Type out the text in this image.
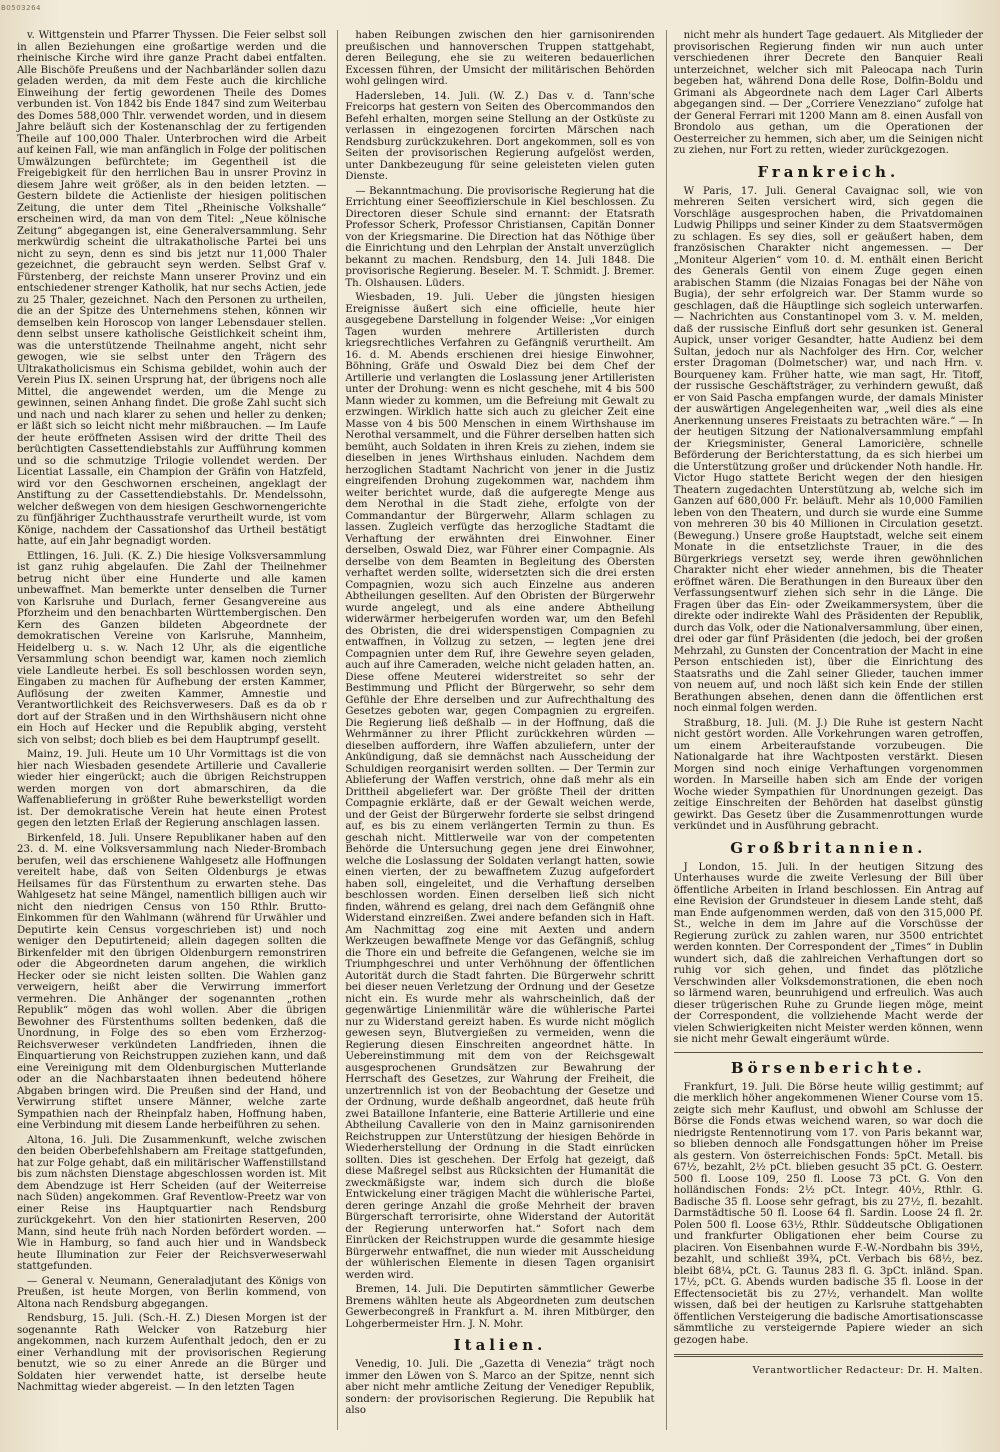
B0503264

v. Wittgenstein und Pfarrer Thyssen. Die Feier selbst soll in allen Beziehungen eine großartige werden und die rheinische Kirche wird ihre ganze Pracht dabei entfalten. Alle Bischöfe Preußens und der Nachbarländer sollen dazu geladen werden, da mit dem Feste auch die kirchliche Einweihung der fertig gewordenen Theile des Domes verbunden ist. Von 1842 bis Ende 1847 sind zum Weiterbau des Domes 588,000 Thlr. verwendet worden, und in diesem Jahre beläuft sich der Kostenanschlag der zu fertigenden Theile auf 100,000 Thaler. Unterbrochen wird die Arbeit auf keinen Fall, wie man anfänglich in Folge der politischen Umwälzungen befürchtete; im Gegentheil ist die Freigebigkeit für den herrlichen Bau in unsrer Provinz in diesem Jahre weit größer, als in den beiden letzten. — Gestern bildete die Actienliste der hiesigen politischen Zeitung, die unter dem Titel „Rheinische Volkshalle“ erscheinen wird, da man von dem Titel: „Neue kölnische Zeitung“ abgegangen ist, eine Generalversammlung. Sehr merkwürdig scheint die ultrakatholische Partei bei uns nicht zu seyn, denn es sind bis jetzt nur 11,000 Thaler gezeichnet, die gebraucht seyn werden. Selbst Graf v. Fürstenberg, der reichste Mann unserer Provinz und ein entschiedener strenger Katholik, hat nur sechs Actien, jede zu 25 Thaler, gezeichnet. Nach den Personen zu urtheilen, die an der Spitze des Unternehmens stehen, können wir demselben kein Horoscop von langer Lebensdauer stellen. denn selbst unsere katholische Geistlichkeit scheint ihm, was die unterstützende Theilnahme angeht, nicht sehr gewogen, wie sie selbst unter den Trägern des Ultrakatholicismus ein Schisma gebildet, wohin auch der Verein Pius IX. seinen Ursprung hat, der übrigens noch alle Mittel, die angewendet werden, um die Menge zu gewinnen, seinen Anhang findet. Die große Zahl sucht sich und nach und nach klarer zu sehen und heller zu denken; er läßt sich so leicht nicht mehr mißbrauchen. — Im Laufe der heute eröffneten Assisen wird der dritte Theil des berüchtigten Cassettendiebstahls zur Aufführung kommen und so die schmutzige Trilogie vollendet werden. Der Licentiat Lassalle, ein Champion der Gräfin von Hatzfeld, wird vor den Geschwornen erscheinen, angeklagt der Anstiftung zu der Cassettendiebstahls. Dr. Mendelssohn, welcher deßwegen von dem hiesigen Geschwornengerichte zu fünfjähriger Zuchthausstrafe verurtheilt wurde, ist vom Könige, nachdem der Cassationshof das Urtheil bestätigt hatte, auf ein Jahr begnadigt worden.

Ettlingen, 16. Juli. (K. Z.) Die hiesige Volksversammlung ist ganz ruhig abgelaufen. Die Zahl der Theilnehmer betrug nicht über eine Hunderte und alle kamen unbewaffnet. Man bemerkte unter denselben die Turner von Karlsruhe und Durlach, ferner Gesangvereine aus Pforzheim und den benachbarten Württembergischen. Den Kern des Ganzen bildeten Abgeordnete der demokratischen Vereine von Karlsruhe, Mannheim, Heidelberg u. s. w. Nach 12 Uhr, als die eigentliche Versammlung schon beendigt war, kamen noch ziemlich viele Landleute herbei. Es soll beschlossen worden seyn, Eingaben zu machen für Aufhebung der ersten Kammer, Auflösung der zweiten Kammer, Amnestie und Verantwortlichkeit des Reichsverwesers. Daß es da ob r dort auf der Straßen und in den Wirthshäusern nicht ohne ein Hoch auf Hecker und die Republik abging, versteht sich von selbst; doch blieb es bei dem Hauptrumpf gesellt.

Mainz, 19. Juli. Heute um 10 Uhr Vormittags ist die von hier nach Wiesbaden gesendete Artillerie und Cavallerie wieder hier eingerückt; auch die übrigen Reichstruppen werden morgen von dort abmarschiren, da die Waffenablieferung in größter Ruhe bewerkstelligt worden ist. Der demokratische Verein hat heute einen Protest gegen den letzten Erlaß der Regierung anschlagen lassen.

Birkenfeld, 18. Juli. Unsere Republikaner haben auf den 23. d. M. eine Volksversammlung nach Nieder-Brombach berufen, weil das erschienene Wahlgesetz alle Hoffnungen vereitelt habe, daß von Seiten Oldenburgs je etwas Heilsames für das Fürstenthum zu erwarten stehe. Das Wahlgesetz hat seine Mängel, namentlich billigen auch wir nicht den niedrigen Census von 150 Rthlr. Brutto-Einkommen für den Wahlmann (während für Urwähler und Deputirte kein Census vorgeschrieben ist) und noch weniger den Deputirteneid; allein dagegen sollten die Birkenfelder mit den übrigen Oldenburgern remonstriren oder die Abgeordneten darum angehen, die wirklich Hecker oder sie nicht leisten sollten. Die Wahlen ganz verweigern, heißt aber die Verwirrung immerfort vermehren. Die Anhänger der sogenannten „rothen Republik“ mögen das wohl wollen. Aber die übrigen Bewohner des Fürstenthums sollten bedenken, daß die Unordnung, in Folge des so eben vom Erzherzog-Reichsverweser verkündeten Landfrieden, ihnen die Einquartierung von Reichstruppen zuziehen kann, und daß eine Vereinigung mit dem Oldenburgischen Mutterlande oder an die Nachbarstaaten ihnen bedeutend höhere Abgaben bringen wird. Die Preußen sind der Hand, und Verwirrung stiftet unsere Männer, welche zarte Sympathien nach der Rheinpfalz haben, Hoffnung haben, eine Verbindung mit diesem Lande herbeiführen zu sehen.

Altona, 16. Juli. Die Zusammenkunft, welche zwischen den beiden Oberbefehlshabern am Freitage stattgefunden, hat zur Folge gehabt, daß ein militärischer Waffenstillstand bis zum nächsten Dienstage abgeschlossen worden ist. Mit dem Abendzuge ist Herr Scheiden (auf der Weiterreise nach Süden) angekommen. Graf Reventlow-Preetz war von einer Reise ins Hauptquartier nach Rendsburg zurückgekehrt. Von den hier stationirten Reserven, 200 Mann, sind heute früh nach Norden befördert worden. — Wie in Hamburg, so fand auch hier und in Wandsbeck heute Illumination zur Feier der Reichsverweserwahl stattgefunden.

— General v. Neumann, Generaladjutant des Königs von Preußen, ist heute Morgen, von Berlin kommend, von Altona nach Rendsburg abgegangen.

Rendsburg, 15. Juli. (Sch.-H. Z.) Diesen Morgen ist der sogenannte Rath Welcker von Ratzeburg hier angekommen, nach kurzem Aufenthalt jedoch, den er zu einer Verhandlung mit der provisorischen Regierung benutzt, wie so zu einer Anrede an die Bürger und Soldaten hier verwendet hatte, ist derselbe heute Nachmittag wieder abgereist. — In den letzten Tagen

haben Reibungen zwischen den hier garnisonirenden preußischen und hannoverschen Truppen stattgehabt, deren Beilegung, ehe sie zu weiteren bedauerlichen Excessen führen, der Umsicht der militärischen Behörden wohl gelingen wird.

Hadersleben, 14. Juli. (W. Z.) Das v. d. Tann'sche Freicorps hat gestern von Seiten des Obercommandos den Befehl erhalten, morgen seine Stellung an der Ostküste zu verlassen in eingezogenen forcirten Märschen nach Rendsburg zurückzukehren. Dort angekommen, soll es von Seiten der provisorischen Regierung aufgelöst werden, unter Dankbezeugung für seine geleisteten vielen guten Dienste.

— Bekanntmachung. Die provisorische Regierung hat die Errichtung einer Seeoffizierschule in Kiel beschlossen. Zu Directoren dieser Schule sind ernannt: der Etatsrath Professor Scherk, Professor Christiansen, Capitän Donner von der Kriegsmarine. Die Direction hat das Nöthige über die Einrichtung und den Lehrplan der Anstalt unverzüglich bekannt zu machen. Rendsburg, den 14. Juli 1848. Die provisorische Regierung. Beseler. M. T. Schmidt. J. Bremer. Th. Olshausen. Lüders.

Wiesbaden, 19. Juli. Ueber die jüngsten hiesigen Ereignisse äußert sich eine officielle, heute hier ausgegebene Darstellung in folgender Weise: „Vor einigen Tagen wurden mehrere Artilleristen durch kriegsrechtliches Verfahren zu Gefängniß verurtheilt. Am 16. d. M. Abends erschienen drei hiesige Einwohner, Böhning, Gräfe und Oswald Diez bei dem Chef der Artillerie und verlangten die Loslassung jener Artilleristen unter der Drohung: wenn es nicht geschehe, mit 4 bis 500 Mann wieder zu kommen, um die Befreiung mit Gewalt zu erzwingen. Wirklich hatte sich auch zu gleicher Zeit eine Masse von 4 bis 500 Menschen in einem Wirthshause im Nerothal versammelt, und die Führer derselben hatten sich bemüht, auch Soldaten in ihren Kreis zu ziehen, indem sie dieselben in jenes Wirthshaus einluden. Nachdem dem herzoglichen Stadtamt Nachricht von jener in die Justiz eingreifenden Drohung zugekommen war, nachdem ihm weiter berichtet wurde, daß die aufgeregte Menge aus dem Nerothal in die Stadt ziehe, erfolgte von der Commandantur der Bürgerwehr, Allarm schlagen zu lassen. Zugleich verfügte das herzogliche Stadtamt die Verhaftung der erwähnten drei Einwohner. Einer derselben, Oswald Diez, war Führer einer Compagnie. Als derselbe von dem Beamten in Begleitung des Obersten verhaftet werden sollte, widersetzten sich die drei ersten Compagnien, wozu sich auch Einzelne aus anderen Abtheilungen gesellten. Auf den Obristen der Bürgerwehr wurde angelegt, und als eine andere Abtheilung widerwärmer herbeigerufen worden war, um den Befehl des Obristen, die drei widerspenstigen Compagnien zu entwaffnen, in Vollzug zu setzen, — legten jene drei Compagnien unter dem Ruf, ihre Gewehre seyen geladen, auch auf ihre Cameraden, welche nicht geladen hatten, an. Diese offene Meuterei widerstreitet so sehr der Bestimmung und Pflicht der Bürgerwehr, so sehr dem Gefühle der Ehre derselben und zur Aufrechthaltung des Gesetzes geboten war, gegen Compagnien zu ergreifen. Die Regierung ließ deßhalb — in der Hoffnung, daß die Wehrmänner zu ihrer Pflicht zurückkehren würden — dieselben auffordern, ihre Waffen abzuliefern, unter der Ankündigung, daß sie demnächst nach Ausscheidung der Schuldigen reorganisirt werden sollten. — Der Termin zur Ablieferung der Waffen verstrich, ohne daß mehr als ein Drittheil abgeliefert war. Der größte Theil der dritten Compagnie erklärte, daß er der Gewalt weichen werde, und der Geist der Bürgerwehr forderte sie selbst dringend auf, es bis zu einem verlängerten Termin zu thun. Es geschah nicht. Mittlerweile war von der competenten Behörde die Untersuchung gegen jene drei Einwohner, welche die Loslassung der Soldaten verlangt hatten, sowie einen vierten, der zu bewaffnetem Zuzug aufgefordert haben soll, eingeleitet, und die Verhaftung derselben beschlossen worden. Einen derselben ließ sich nicht finden, während es gelang, drei nach dem Gefängniß ohne Widerstand einzreißen. Zwei andere befanden sich in Haft. Am Nachmittag zog eine mit Aexten und andern Werkzeugen bewaffnete Menge vor das Gefängniß, schlug die Thore ein und befreite die Gefangenen, welche sie im Triumphgeschrei und unter Verhöhnung der öffentlichen Autorität durch die Stadt fahrten. Die Bürgerwehr schritt bei dieser neuen Verletzung der Ordnung und der Gesetze nicht ein. Es wurde mehr als wahrscheinlich, daß der gegenwärtige Linienmilitär wäre die wühlerische Partei nur zu Widerstand gereizt haben. Es wurde nicht möglich gewesen seyn, Blutvergießen zu vermeiden, wenn die Regierung diesen Einschreiten angeordnet hätte. In Uebereinstimmung mit dem von der Reichsgewalt ausgesprochenen Grundsätzen zur Bewahrung der Herrschaft des Gesetzes, zur Wahrung der Freiheit, die unzertrennlich ist von der Beobachtung der Gesetze und der Ordnung, wurde deßhalb angeordnet, daß heute früh zwei Bataillone Infanterie, eine Batterie Artillerie und eine Abtheilung Cavallerie von den in Mainz garnisonirenden Reichstruppen zur Unterstützung der hiesigen Behörde in Wiederherstellung der Ordnung in die Stadt einrücken sollten. Dies ist geschehen. Der Erfolg hat gezeigt, daß diese Maßregel selbst aus Rücksichten der Humanität die zweckmäßigste war, indem sich durch die bloße Entwickelung einer trägigen Macht die wühlerische Partei, deren geringe Anzahl die große Mehrheit der braven Bürgerschaft terrorisirte, ohne Widerstand der Autorität der Regierung unterworfen hat.“ Sofort nach dem Einrücken der Reichstruppen wurde die gesammte hiesige Bürgerwehr entwaffnet, die nun wieder mit Ausscheidung der wühlerischen Elemente in diesen Tagen organisirt werden wird.

Bremen, 14. Juli. Die Deputirten sämmtlicher Gewerbe Bremens wählten heute als Abgeordneten zum deutschen Gewerbecongreß in Frankfurt a. M. ihren Mitbürger, den Lohgerbermeister Hrn. J. N. Mohr.

Italien.

Venedig, 10. Juli. Die „Gazetta di Venezia“ trägt noch immer den Löwen von S. Marco an der Spitze, nennt sich aber nicht mehr amtliche Zeitung der Venediger Republik, sondern: der provisorischen Regierung. Die Republik hat also

nicht mehr als hundert Tage gedauert. Als Mitglieder der provisorischen Regierung finden wir nun auch unter verschiedenen ihrer Decrete den Banquier Reali unterzeichnet, welcher sich mit Paleocapa nach Turin begeben hat, während Dona delle Rose, Dolfin-Boldu und Grimani als Abgeordnete nach dem Lager Carl Alberts abgegangen sind. — Der „Corriere Venezziano“ zufolge hat der General Ferrari mit 1200 Mann am 8. einen Ausfall von Brondolo aus gethan, um die Operationen der Oesterreicher zu hemmen, sich aber, um die Seinigen nicht zu ziehen, nur Fort zu retten, wieder zurückgezogen.

Frankreich.

W Paris, 17. Juli. General Cavaignac soll, wie von mehreren Seiten versichert wird, sich gegen die Vorschläge ausgesprochen haben, die Privatdomainen Ludwig Philipps und seiner Kinder zu dem Staatsvermögen zu schlagen. Es sey dies, soll er geäußert haben, dem französischen Charakter nicht angemessen. — Der „Moniteur Algerien“ vom 10. d. M. enthält einen Bericht des Generals Gentil von einem Zuge gegen einen arabischen Stamm (die Nizaias Fonagas bei der Nähe von Bugia), der sehr erfolgreich war. Der Stamm wurde so geschlagen, daß die Häuptlinge sich sogleich unterwarfen. — Nachrichten aus Constantinopel vom 3. v. M. melden, daß der russische Einfluß dort sehr gesunken ist. General Aupick, unser voriger Gesandter, hatte Audienz bei dem Sultan, jedoch nur als Nachfolger des Hrn. Cor, welcher erster Dragoman (Dolmetscher) war, und nach Hrn. v. Bourqueney kam. Früher hatte, wie man sagt, Hr. Titoff, der russische Geschäftsträger, zu verhindern gewußt, daß er von Said Pascha empfangen wurde, der damals Minister der auswärtigen Angelegenheiten war, „weil dies als eine Anerkennung unseres Freistaats zu betrachten wäre.“ — In der heutigen Sitzung der Nationalversammlung empfahl der Kriegsminister, General Lamoricière, schnelle Beförderung der Berichterstattung, da es sich hierbei um die Unterstützung großer und drückender Noth handle. Hr. Victor Hugo stattete Bericht wegen der den hiesigen Theatern zugedachten Unterstützung ab, welche sich im Ganzen auf 680,000 Fr. beläuft. Mehr als 10,000 Familien leben von den Theatern, und durch sie wurde eine Summe von mehreren 30 bis 40 Millionen in Circulation gesetzt. (Bewegung.) Unsere große Hauptstadt, welche seit einem Monate in die entsetzlichste Trauer, in die des Bürgerkriegs versetzt sey, werde ihren gewöhnlichen Charakter nicht eher wieder annehmen, bis die Theater eröffnet wären. Die Berathungen in den Bureaux über den Verfassungsentwurf ziehen sich sehr in die Länge. Die Fragen über das Ein- oder Zweikammersystem, über die direkte oder indirekte Wahl des Präsidenten der Republik, durch das Volk, oder die Nationalversammlung, über einen, drei oder gar fünf Präsidenten (die jedoch, bei der großen Mehrzahl, zu Gunsten der Concentration der Macht in eine Person entschieden ist), über die Einrichtung des Staatsraths und die Zahl seiner Glieder, tauchen immer von neuem auf, und noch läßt sich kein Ende der stillen Berathungen absehen, denen dann die öffentlichen erst noch einmal folgen werden.

Straßburg, 18. Juli. (M. J.) Die Ruhe ist gestern Nacht nicht gestört worden. Alle Vorkehrungen waren getroffen, um einem Arbeiteraufstande vorzubeugen. Die Nationalgarde hat ihre Wachtposten verstärkt. Diesen Morgen sind noch einige Verhaftungen vorgenommen worden. In Marseille haben sich am Ende der vorigen Woche wieder Sympathien für Unordnungen gezeigt. Das zeitige Einschreiten der Behörden hat daselbst günstig gewirkt. Das Gesetz über die Zusammenrottungen wurde verkündet und in Ausführung gebracht.

Großbritannien.

J London, 15. Juli. In der heutigen Sitzung des Unterhauses wurde die zweite Verlesung der Bill über öffentliche Arbeiten in Irland beschlossen. Ein Antrag auf eine Revision der Grundsteuer in diesem Lande steht, daß man Ende aufgenommen werden, daß von den 315,000 Pf. St., welche in dem im Jahre auf die Vorschüsse der Regierung zurück zu zahlen waren, nur 3500 entrichtet werden konnten. Der Correspondent der „Times“ in Dublin wundert sich, daß die zahlreichen Verhaftungen dort so ruhig vor sich gehen, und findet das plötzliche Verschwinden aller Volksdemonstrationen, die eben noch so lärmend waren, beunruhigend und erfreulich. Was auch dieser trügerischen Ruhe zu Grunde liegen möge, meint der Correspondent, die vollziehende Macht werde der vielen Schwierigkeiten nicht Meister werden können, wenn sie nicht mehr Gewalt eingeräumt würde.

Börsenberichte.

Frankfurt, 19. Juli. Die Börse heute willig gestimmt; auf die merklich höher angekommenen Wiener Course vom 15. zeigte sich mehr Kauflust, und obwohl am Schlusse der Börse die Fonds etwas weichend waren, so war doch die niedrigste Rentennotirung vom 17. von Paris bekannt war, so blieben dennoch alle Fondsgattungen höher im Preise als gestern. Von österreichischen Fonds: 5pCt. Metall. bis 67½, bezahlt, 2½ pCt. blieben gesucht 35 pCt. G. Oesterr. 500 fl. Loose 109, 250 fl. Loose 73 pCt. G. Von den holländischen Fonds: 2½ pCt. Integr. 40½, Rthlr. G. Badische 35 fl. Loose sehr gefragt, bis zu 27½, fl. bezahlt. Darmstädtische 50 fl. Loose 64 fl. Sardin. Loose 24 fl. 2r. Polen 500 fl. Loose 63½, Rthlr. Süddeutsche Obligationen und frankfurter Obligationen eher beim Course zu placiren. Von Eisenbahnen wurde F.-W.-Nordbahn bis 39½, bezahlt, und schließt 39¾, pCt. Verbach bis 68½, bez. bleibt 68¼, pCt. G. Taunus 283 fl. G. 3pCt. inländ. Span. 17½, pCt. G. Abends wurden badische 35 fl. Loose in der Effectensocietät bis zu 27½, verhandelt. Man wollte wissen, daß bei der heutigen zu Karlsruhe stattgehabten öffentlichen Versteigerung die badische Amortisationscasse sämmtliche zu versteigernde Papiere wieder an sich gezogen habe.

Verantwortlicher Redacteur: Dr. H. Malten.
